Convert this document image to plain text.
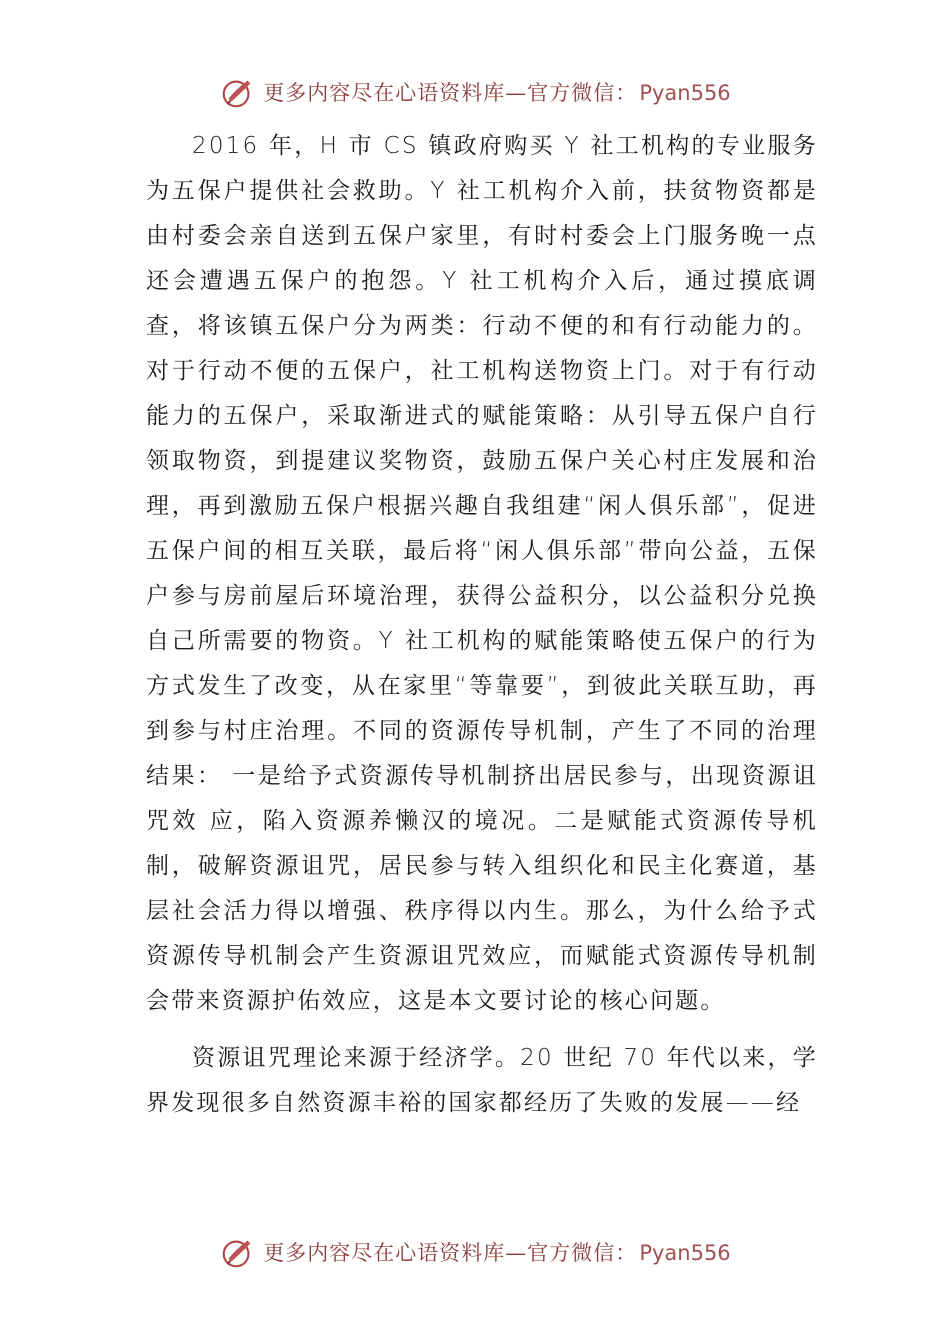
更多内容尽在心语资料库—官方微信：Pyan556

2016 年，H 市 CS 镇政府购买 Y 社工机构的专业服务为五保户提供社会救助。Y 社工机构介入前，扶贫物资都是由村委会亲自送到五保户家里，有时村委会上门服务晚一点还会遭遇五保户的抱怨。Y 社工机构介入后，通过摸底调查，将该镇五保户分为两类：行动不便的和有行动能力的。对于行动不便的五保户，社工机构送物资上门。对于有行动能力的五保户，采取渐进式的赋能策略：从引导五保户自行领取物资，到提建议奖物资，鼓励五保户关心村庄发展和治理，再到激励五保户根据兴趣自我组建“闲人俱乐部”，促进五保户间的相互关联，最后将“闲人俱乐部”带向公益，五保户参与房前屋后环境治理，获得公益积分，以公益积分兑换自己所需要的物资。Y 社工机构的赋能策略使五保户的行为方式发生了改变，从在家里“等靠要”，到彼此关联互助，再到参与村庄治理。不同的资源传导机制，产生了不同的治理结果： 一是给予式资源传导机制挤出居民参与，出现资源诅咒效 应，陷入资源养懒汉的境况。二是赋能式资源传导机制，破解资源诅咒，居民参与转入组织化和民主化赛道，基层社会活力得以增强、秩序得以内生。那么，为什么给予式资源传导机制会产生资源诅咒效应，而赋能式资源传导机制会带来资源护佑效应，这是本文要讨论的核心问题。

资源诅咒理论来源于经济学。20 世纪 70 年代以来，学界发现很多自然资源丰裕的国家都经历了失败的发展——经

更多内容尽在心语资料库—官方微信：Pyan556
